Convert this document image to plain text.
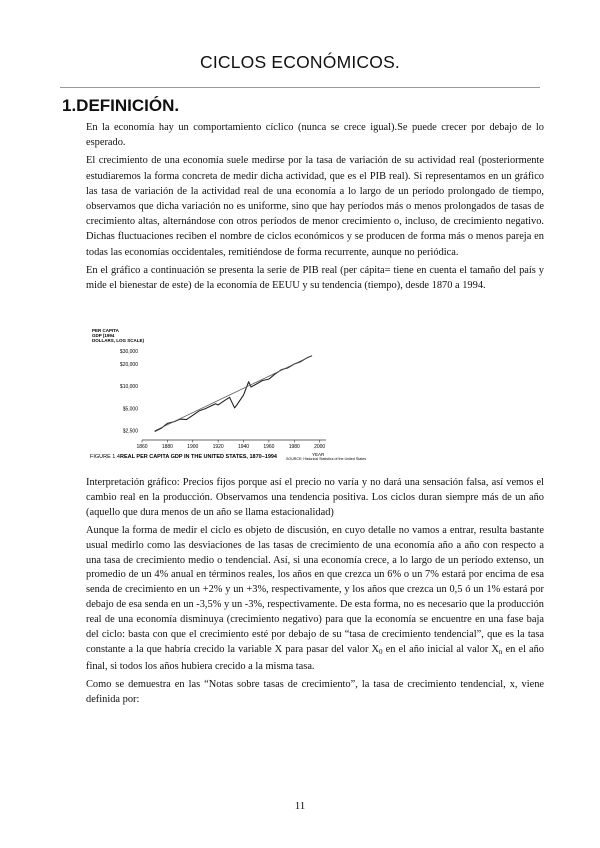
CICLOS ECONÓMICOS.
1.DEFINICIÓN.

En la economía hay un comportamiento cíclico (nunca se crece igual).Se puede crecer por debajo de lo esperado.

El crecimiento de una economía suele medirse por la tasa de variación de su actividad real (posteriormente estudiaremos la forma concreta de medir dicha actividad, que es el PIB real). Si representamos en un gráfico las tasa de variación de la actividad real de una economía a lo largo de un período prolongado de tiempo, observamos que dicha variación no es uniforme, sino que hay períodos más o menos prolongados de tasas de crecimiento altas, alternándose con otros períodos de menor crecimiento o, incluso, de crecimiento negativo. Dichas fluctuaciones reciben el nombre de ciclos económicos y se producen de forma más o menos pareja en todas las economías occidentales, remitiéndose de forma recurrente, aunque no periódica.

En el gráfico a continuación se presenta la serie de PIB real (per cápita= tiene en cuenta el tamaño del país y mide el bienestar de este) de la economía de EEUU y su tendencia (tiempo), desde 1870 a 1994.

PER CAPITA GDP (1994 DOLLARS, LOG SCALE)
$2,500
$5,000
$10,000
$20,000
$30,000
1860	1880	1900	1920	1940	1960	1980	2000
YEAR
FIGURE 1.4 REAL PER CAPITA GDP IN THE UNITED STATES, 1870–1994	SOURCE: Historical Statistics of the United States

Interpretación gráfico: Precios fijos porque así el precio no varía y no dará una sensación falsa, así vemos el cambio real en la producción. Observamos una tendencia positiva. Los ciclos duran siempre más de un año (aquello que dura menos de un año se llama estacionalidad)

Aunque la forma de medir el ciclo es objeto de discusión, en cuyo detalle no vamos a entrar, resulta bastante usual medirlo como las desviaciones de las tasas de crecimiento de una economía año a año con respecto a una tasa de crecimiento medio o tendencial. Así, si una economía crece, a lo largo de un período extenso, un promedio de un 4% anual en términos reales, los años en que crezca un 6% o un 7% estará por encima de esa senda de crecimiento en un +2% y un +3%, respectivamente, y los años que crezca un 0,5 ó un 1% estará por debajo de esa senda en un -3,5% y un -3%, respectivamente. De esta forma, no es necesario que la producción real de una economía disminuya (crecimiento negativo) para que la economía se encuentre en una fase baja del ciclo: basta con que el crecimiento esté por debajo de su “tasa de crecimiento tendencial”, que es la tasa constante a la que habría crecido la variable X para pasar del valor $X_0$ en el año inicial al valor $X_n$ en el año final, si todos los años hubiera crecido a la misma tasa.

Como se demuestra en las “Notas sobre tasas de crecimiento”, la tasa de crecimiento tendencial, x, viene definida por:

11
